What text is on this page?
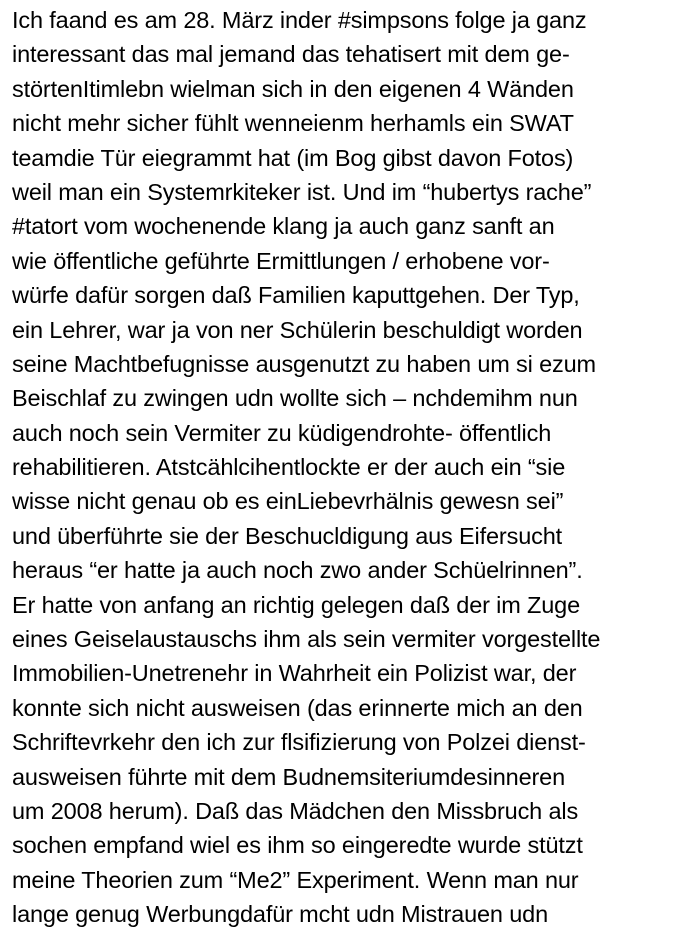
Ich faand es am 28. März inder #simpsons folge ja ganz
interessant das mal jemand das tehatisert mit dem ge-
störtenItimlebn wielman sich in den eigenen 4 Wänden
nicht mehr sicher fühlt wenneienm herhamls ein SWAT
teamdie Tür eiegrammt hat (im Bog gibst davon Fotos)
weil man ein Systemrkiteker ist. Und im “hubertys rache”
#tatort vom wochenende klang ja auch ganz sanft an
wie öffentliche geführte Ermittlungen / erhobene vor-
würfe dafür sorgen daß Familien kaputtgehen. Der Typ,
ein Lehrer, war ja von ner Schülerin beschuldigt worden
seine Machtbefugnisse ausgenutzt zu haben um si ezum
Beischlaf zu zwingen udn wollte sich – nchdemihm nun
auch noch sein Vermiter zu küdigendrohte- öffentlich
rehabilitieren. Atstcählcihentlockte er der auch ein “sie
wisse nicht genau ob es einLiebevrhälnis gewesn sei”
und überführte sie der Beschucldigung aus Eifersucht
heraus “er hatte ja auch noch zwo ander Schüelrinnen”.
Er hatte von anfang an richtig gelegen daß der im Zuge
eines Geiselaustauschs ihm als sein vermiter vorgestellte
Immobilien-Unetrenehr in Wahrheit ein Polizist war, der
konnte sich nicht ausweisen (das erinnerte mich an den
Schriftevrkehr den ich zur flsifizierung von Polzei dienst-
ausweisen führte mit dem Budnemsiteriumdesinneren
um 2008 herum). Daß das Mädchen den Missbruch als
sochen empfand wiel es ihm so eingeredte wurde stützt
meine Theorien zum “Me2” Experiment. Wenn man nur
lange genug Werbungdafür mcht udn Mistrauen udn
